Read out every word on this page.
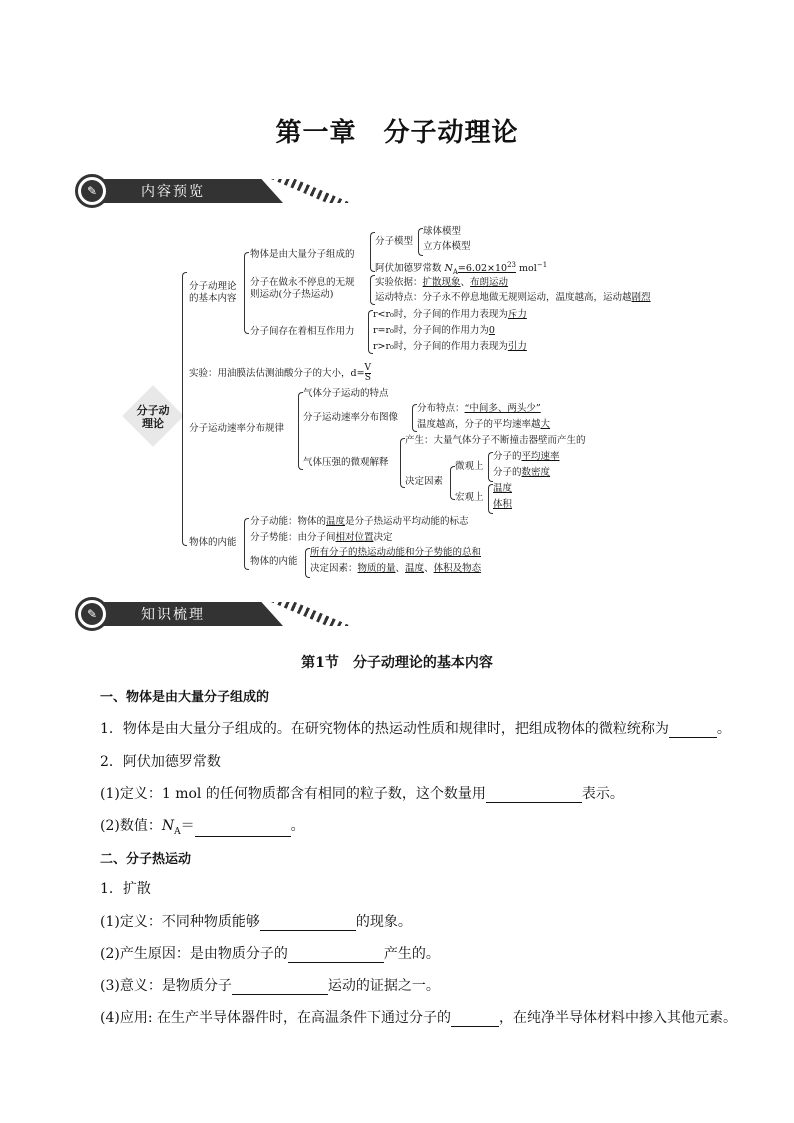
第一章　分子动理论
✎	内容预览
分子动
理论
分子动理论
的基本内容
物体是由大量分子组成的
分子模型
球体模型
立方体模型
阿伏加德罗常数 $N_A=6.02\times 10^{23}$ mol$^{-1}$
分子在做永不停息的无规
则运动(分子热运动)
实验依据：扩散现象、布朗运动
运动特点：分子永不停息地做无规则运动，温度越高，运动越剧烈
分子间存在着相互作用力
r<r₀时，分子间的作用力表现为斥力
r=r₀时，分子间的作用力为0
r>r₀时，分子间的作用力表现为引力
实验：用油膜法估测油酸分子的大小，$d= \frac{V}{S}$
分子运动速率分布规律
气体分子运动的特点
分子运动速率分布图像
分布特点：“中间多、两头少”
温度越高，分子的平均速率越大
气体压强的微观解释
产生：大量气体分子不断撞击器壁而产生的
决定因素
微观上
分子的平均速率
分子的数密度
宏观上
温度
体积
物体的内能
分子动能：物体的温度是分子热运动平均动能的标志
分子势能：由分子间相对位置决定
物体的内能
所有分子的热运动动能和分子势能的总和
决定因素：物质的量、温度、体积及物态
✎	知识梳理
第1节　分子动理论的基本内容
一、物体是由大量分子组成的
1．物体是由大量分子组成的。在研究物体的热运动性质和规律时，把组成物体的微粒统称为	。
2．阿伏加德罗常数
(1)定义：1 mol 的任何物质都含有相同的粒子数，这个数量用	表示。
(2)数值：$N_A=$	。
二、分子热运动
1．扩散
(1)定义：不同种物质能够	的现象。
(2)产生原因：是由物质分子的	产生的。
(3)意义：是物质分子	运动的证据之一。
(4)应用: 在生产半导体器件时，在高温条件下通过分子的	，在纯净半导体材料中掺入其他元素。
